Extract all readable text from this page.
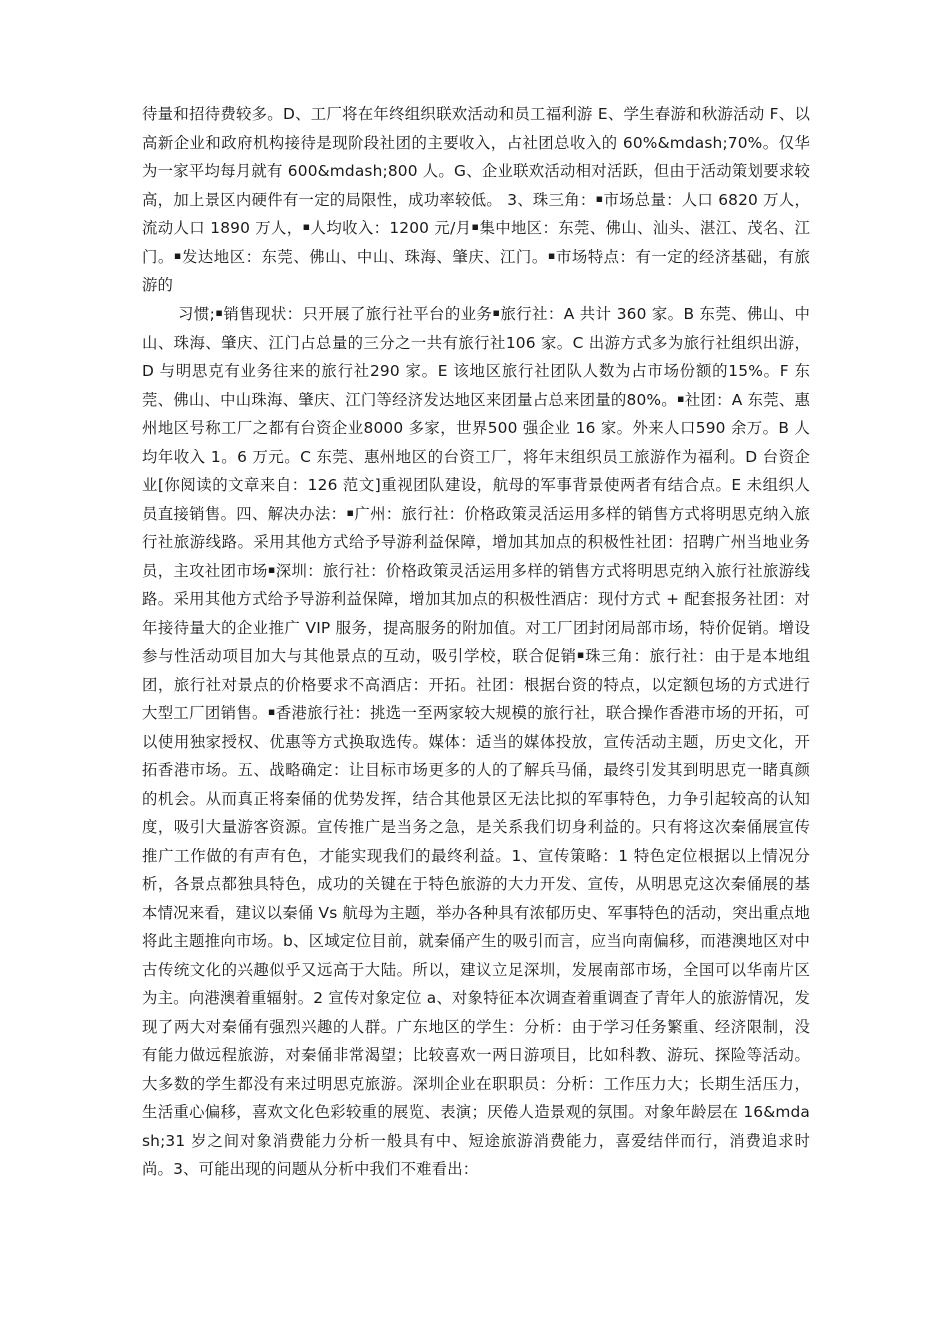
待量和招待费较多。D、工厂将在年终组织联欢活动和员工福利游 E、学生春游和秋游活动 F、以高新企业和政府机构接待是现阶段社团的主要收入，占社团总收入的 60%&mdash;70%。仅华为一家平均每月就有 600&mdash;800 人。G、企业联欢活动相对活跃，但由于活动策划要求较高，加上景区内硬件有一定的局限性，成功率较低。 3、珠三角：￭市场总量：人口 6820 万人，流动人口 1890 万人，￭人均收入：1200 元/月￭集中地区：东莞、佛山、汕头、湛江、茂名、江门。￭发达地区：东莞、佛山、中山、珠海、肇庆、江门。￭市场特点：有一定的经济基础，有旅游的
习惯;￭销售现状：只开展了旅行社平台的业务￭旅行社：A 共计 360 家。B 东莞、佛山、中山、珠海、肇庆、江门占总量的三分之一共有旅行社106 家。C 出游方式多为旅行社组织出游，D 与明思克有业务往来的旅行社290 家。E 该地区旅行社团队人数为占市场份额的15%。F 东莞、佛山、中山珠海、肇庆、江门等经济发达地区来团量占总来团量的80%。￭社团：A 东莞、惠州地区号称工厂之都有台资企业8000 多家，世界500 强企业 16 家。外来人口590 余万。B 人均年收入 1。6 万元。C 东莞、惠州地区的台资工厂，将年末组织员工旅游作为福利。D 台资企业[你阅读的文章来自：126 范文]重视团队建设，航母的军事背景使两者有结合点。E 未组织人员直接销售。四、解决办法：￭广州：旅行社：价格政策灵活运用多样的销售方式将明思克纳入旅行社旅游线路。采用其他方式给予导游利益保障，增加其加点的积极性社团：招聘广州当地业务员，主攻社团市场￭深圳：旅行社：价格政策灵活运用多样的销售方式将明思克纳入旅行社旅游线路。采用其他方式给予导游利益保障，增加其加点的积极性酒店：现付方式 + 配套报务社团：对年接待量大的企业推广 VIP 服务，提高服务的附加值。对工厂团封闭局部市场，特价促销。增设参与性活动项目加大与其他景点的互动，吸引学校，联合促销￭珠三角：旅行社：由于是本地组团，旅行社对景点的价格要求不高酒店：开拓。社团：根据台资的特点，以定额包场的方式进行大型工厂团销售。￭香港旅行社：挑选一至两家较大规模的旅行社，联合操作香港市场的开拓，可以使用独家授权、优惠等方式换取选传。媒体：适当的媒体投放，宣传活动主题，历史文化，开拓香港市场。五、战略确定：让目标市场更多的人的了解兵马俑，最终引发其到明思克一睹真颜的机会。从而真正将秦俑的优势发挥，结合其他景区无法比拟的军事特色，力争引起较高的认知度，吸引大量游客资源。宣传推广是当务之急，是关系我们切身利益的。只有将这次秦俑展宣传推广工作做的有声有色，才能实现我们的最终利益。1、宣传策略：1 特色定位根据以上情况分析，各景点都独具特色，成功的关键在于特色旅游的大力开发、宣传，从明思克这次秦俑展的基本情况来看，建议以秦俑 Vs 航母为主题，举办各种具有浓郁历史、军事特色的活动，突出重点地将此主题推向市场。b、区域定位目前，就秦俑产生的吸引而言，应当向南偏移，而港澳地区对中古传统文化的兴趣似乎又远高于大陆。所以，建议立足深圳，发展南部市场，全国可以华南片区为主。向港澳着重辐射。2 宣传对象定位 a、对象特征本次调查着重调查了青年人的旅游情况，发现了两大对秦俑有强烈兴趣的人群。广东地区的学生：分析：由于学习任务繁重、经济限制，没有能力做远程旅游，对秦俑非常渴望；比较喜欢一两日游项目，比如科教、游玩、探险等活动。大多数的学生都没有来过明思克旅游。深圳企业在职职员：分析：工作压力大；长期生活压力，生活重心偏移，喜欢文化色彩较重的展览、表演；厌倦人造景观的氛围。对象年龄层在 16&mdash;31 岁之间对象消费能力分析一般具有中、短途旅游消费能力，喜爱结伴而行，消费追求时尚。3、可能出现的问题从分析中我们不难看出：
